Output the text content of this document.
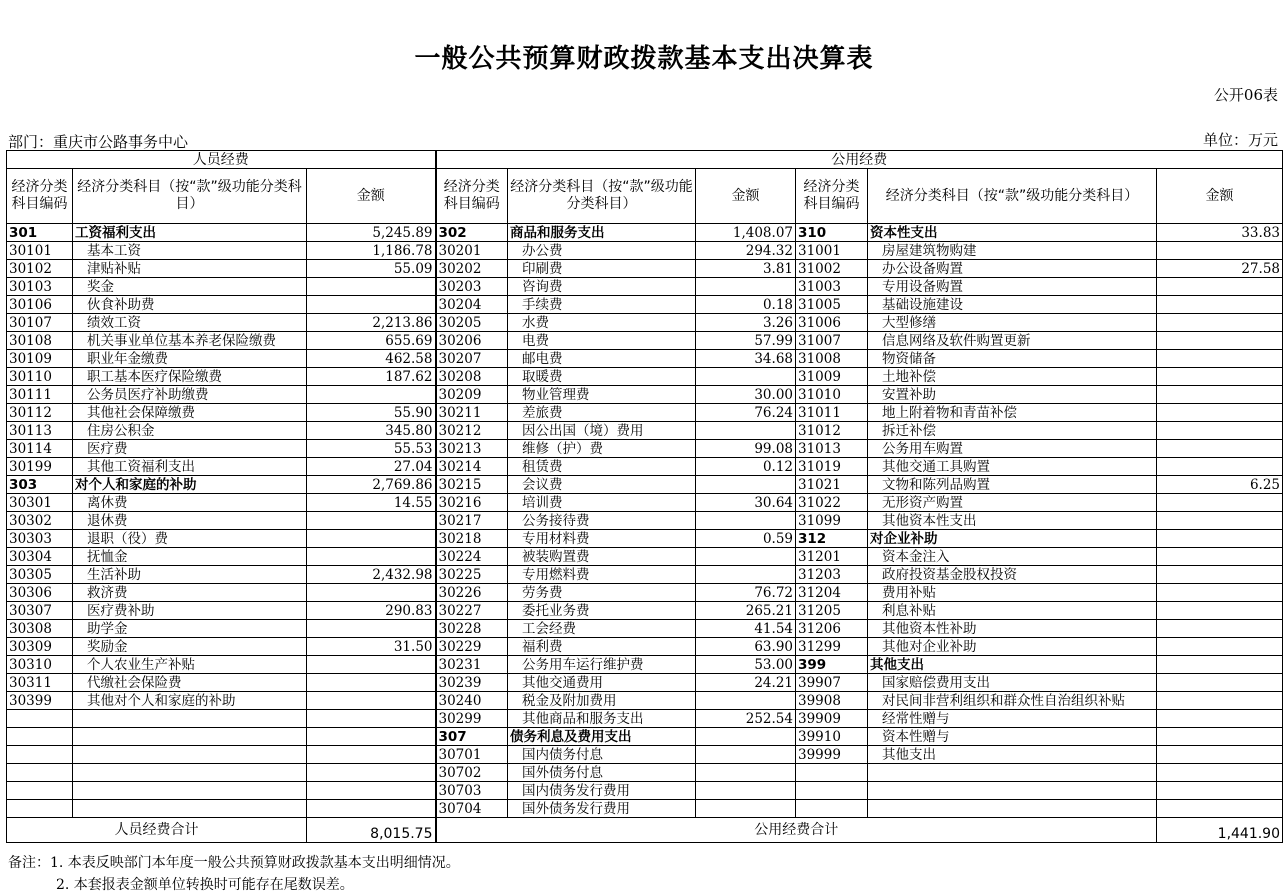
一般公共预算财政拨款基本支出决算表
公开06表
部门：重庆市公路事务中心	单位：万元
人员经费			公用经费					
经济分类科目编码	经济分类科目（按“款”级功能分类科目）	金额	经济分类科目编码	经济分类科目（按“款”级功能分类科目）	金额	经济分类科目编码	经济分类科目（按“款”级功能分类科目）	金额
301	工资福利支出	5,245.89	302	商品和服务支出	1,408.07	310	资本性支出	33.83
30101	基本工资	1,186.78	30201	办公费	294.32	31001	房屋建筑物购建	
30102	津贴补贴	55.09	30202	印刷费	3.81	31002	办公设备购置	27.58
30103	奖金		30203	咨询费		31003	专用设备购置	
30106	伙食补助费		30204	手续费	0.18	31005	基础设施建设	
30107	绩效工资	2,213.86	30205	水费	3.26	31006	大型修缮	
30108	机关事业单位基本养老保险缴费	655.69	30206	电费	57.99	31007	信息网络及软件购置更新	
30109	职业年金缴费	462.58	30207	邮电费	34.68	31008	物资储备	
30110	职工基本医疗保险缴费	187.62	30208	取暖费		31009	土地补偿	
30111	公务员医疗补助缴费		30209	物业管理费	30.00	31010	安置补助	
30112	其他社会保障缴费	55.90	30211	差旅费	76.24	31011	地上附着物和青苗补偿	
30113	住房公积金	345.80	30212	因公出国（境）费用		31012	拆迁补偿	
30114	医疗费	55.53	30213	维修（护）费	99.08	31013	公务用车购置	
30199	其他工资福利支出	27.04	30214	租赁费	0.12	31019	其他交通工具购置	
303	对个人和家庭的补助	2,769.86	30215	会议费		31021	文物和陈列品购置	6.25
30301	离休费	14.55	30216	培训费	30.64	31022	无形资产购置	
30302	退休费		30217	公务接待费		31099	其他资本性支出	
30303	退职（役）费		30218	专用材料费	0.59	312	对企业补助	
30304	抚恤金		30224	被装购置费		31201	资本金注入	
30305	生活补助	2,432.98	30225	专用燃料费		31203	政府投资基金股权投资	
30306	救济费		30226	劳务费	76.72	31204	费用补贴	
30307	医疗费补助	290.83	30227	委托业务费	265.21	31205	利息补贴	
30308	助学金		30228	工会经费	41.54	31206	其他资本性补助	
30309	奖励金	31.50	30229	福利费	63.90	31299	其他对企业补助	
30310	个人农业生产补贴		30231	公务用车运行维护费	53.00	399	其他支出	
30311	代缴社会保险费		30239	其他交通费用	24.21	39907	国家赔偿费用支出	
30399	其他对个人和家庭的补助		30240	税金及附加费用		39908	对民间非营利组织和群众性自治组织补贴	
			30299	其他商品和服务支出	252.54	39909	经常性赠与	
			307	债务利息及费用支出		39910	资本性赠与	
			30701	国内债务付息		39999	其他支出	
			30702	国外债务付息				
			30703	国内债务发行费用				
			30704	国外债务发行费用				
人员经费合计		8,015.75	公用经费合计					1,441.90
备注：1. 本表反映部门本年度一般公共预算财政拨款基本支出明细情况。
2. 本套报表金额单位转换时可能存在尾数误差。
